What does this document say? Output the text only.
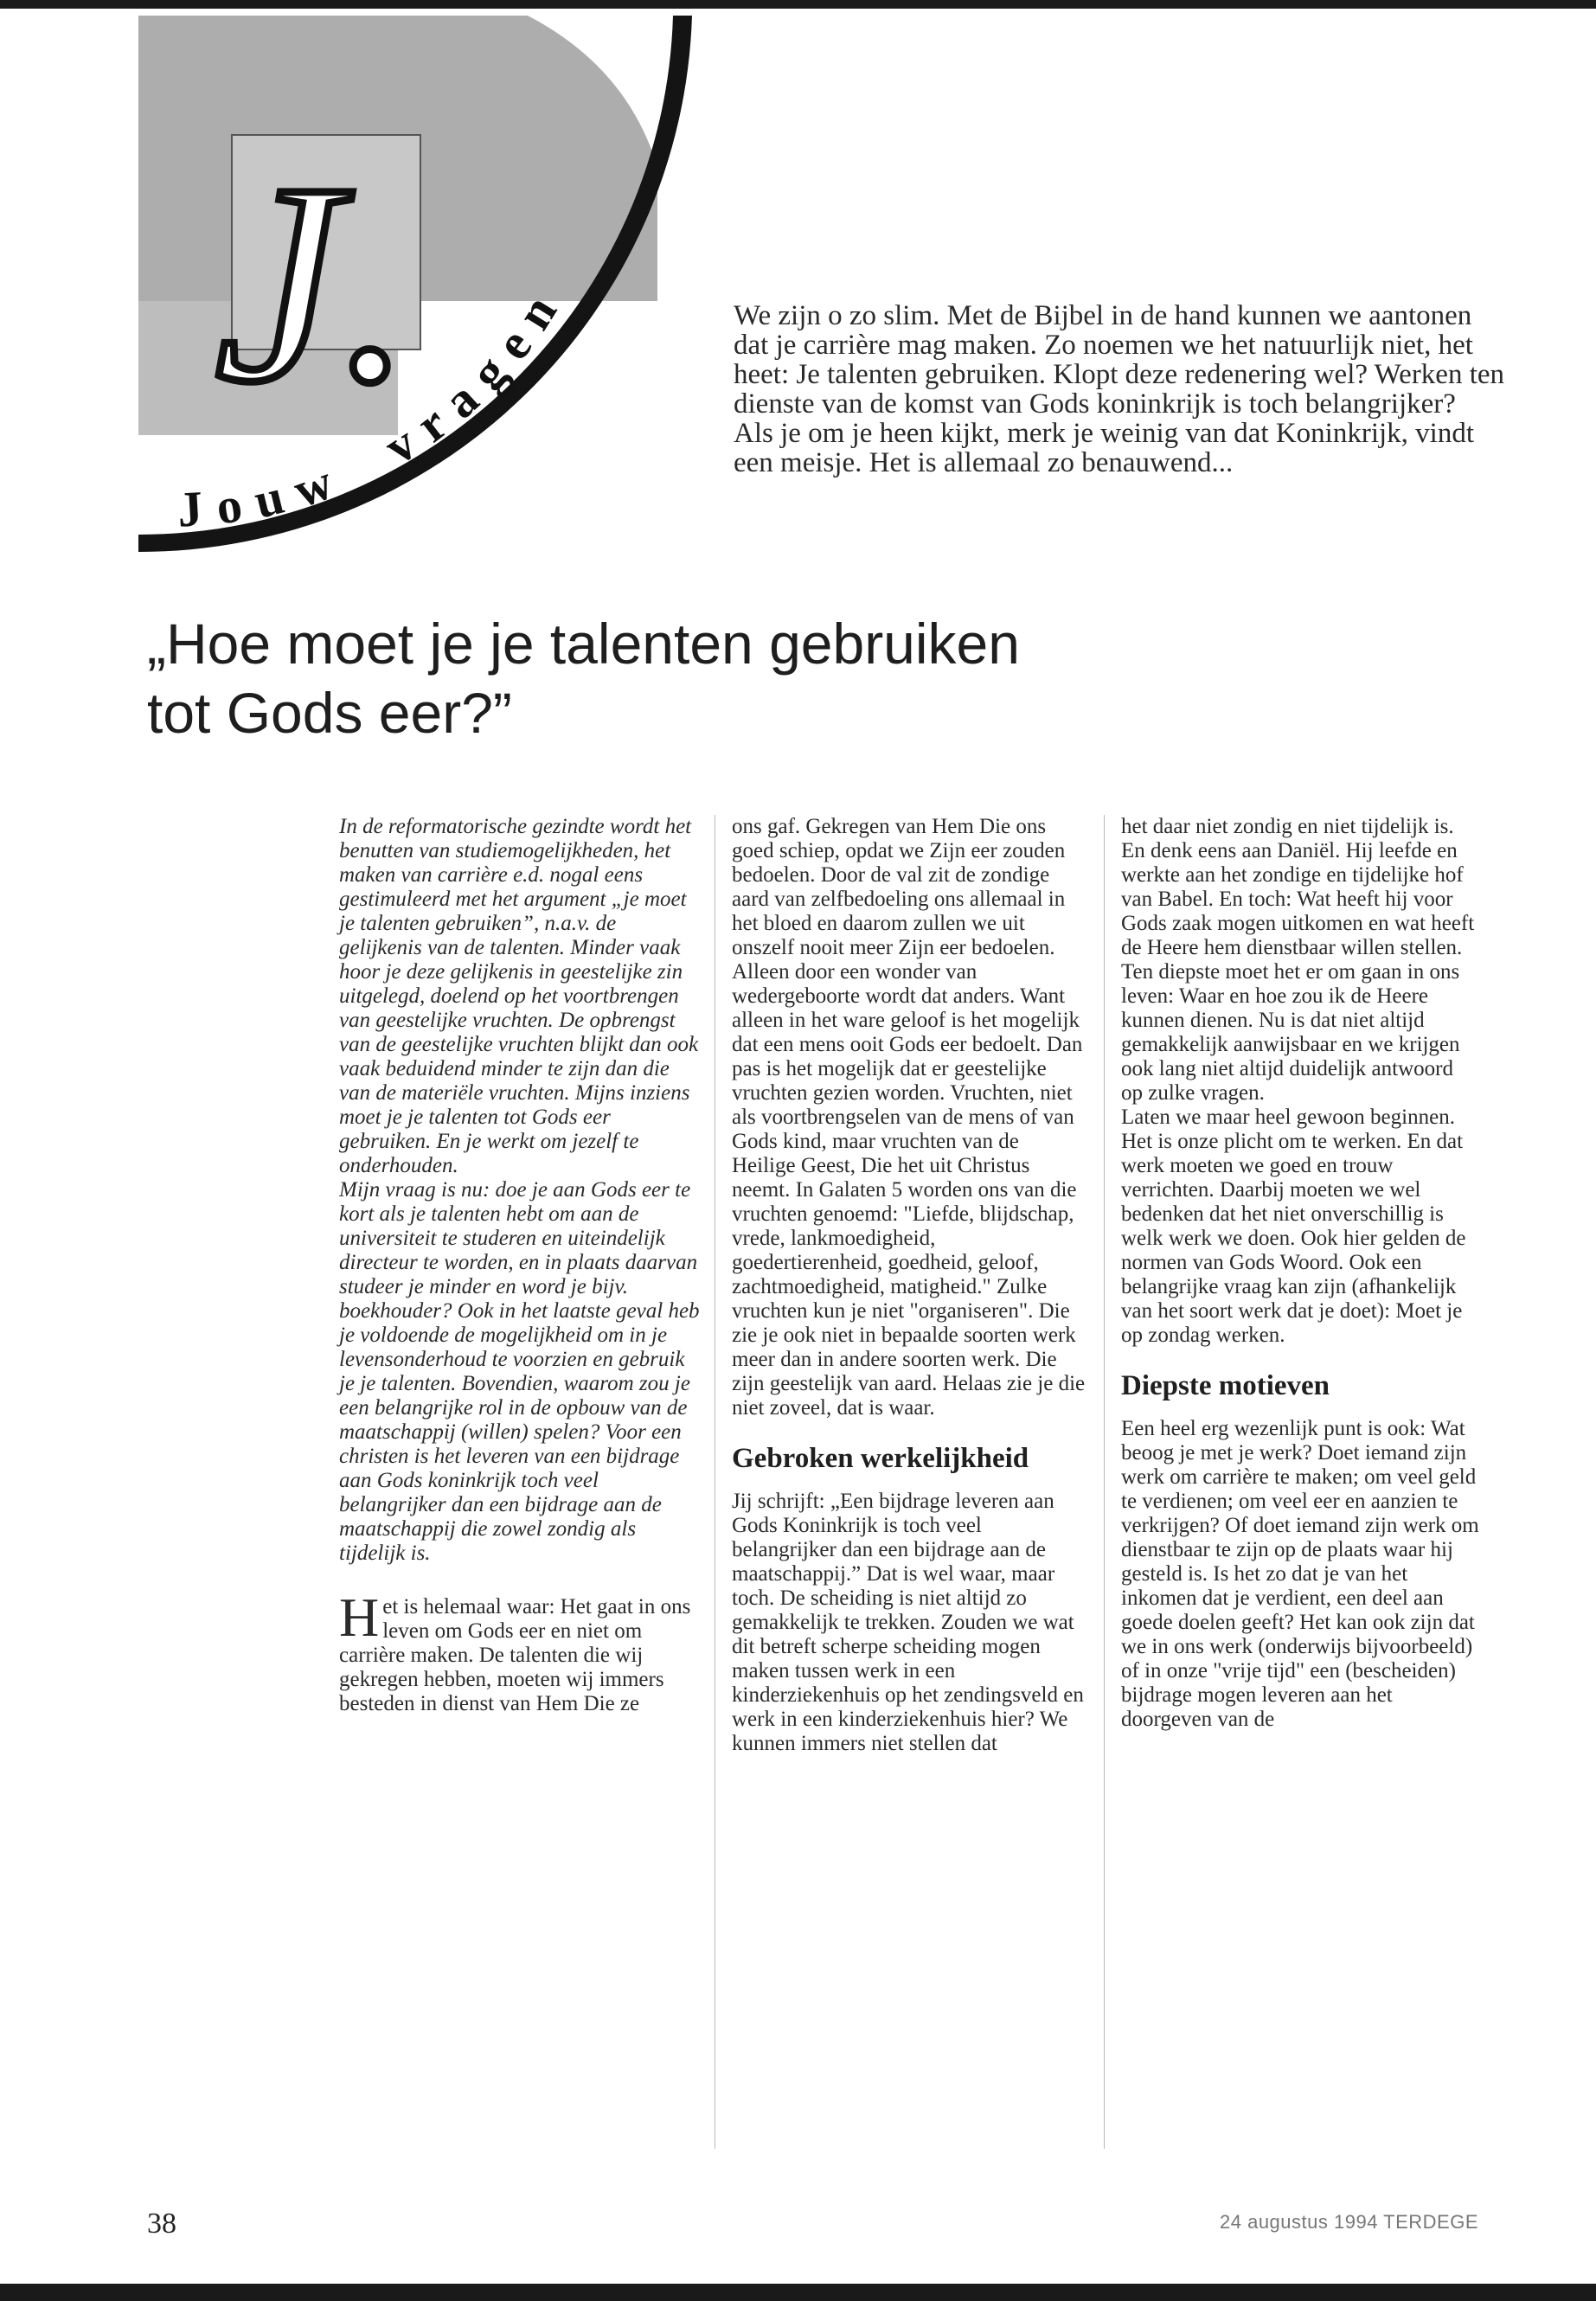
J.
Jouw vragen	We zijn o zo slim. Met de Bijbel in de hand kunnen we aantonen dat je carrière mag maken. Zo noemen we het natuurlijk niet, het heet: Je talenten gebruiken. Klopt deze redenering wel? Werken ten dienste van de komst van Gods koninkrijk is toch belangrijker?

Als je om je heen kijkt, merk je weinig van dat Koninkrijk, vindt een meisje. Het is allemaal zo benauwend...

„Hoe moet je je talenten gebruiken
tot Gods eer?”

In de reformatorische gezindte wordt het benutten van studiemogelijkheden, het maken van carrière e.d. nogal eens gestimuleerd met het argument „je moet je talenten gebruiken”, n.a.v. de gelijkenis van de talenten. Minder vaak hoor je deze gelijkenis in geestelijke zin uitgelegd, doelend op het voortbrengen van geestelijke vruchten. De opbrengst van de geestelijke vruchten blijkt dan ook vaak beduidend minder te zijn dan die van de materiële vruchten. Mijns inziens moet je je talenten tot Gods eer gebruiken. En je werkt om jezelf te onderhouden.

Mijn vraag is nu: doe je aan Gods eer te kort als je talenten hebt om aan de universiteit te studeren en uiteindelijk directeur te worden, en in plaats daarvan studeer je minder en word je bijv. boekhouder? Ook in het laatste geval heb je voldoende de mogelijkheid om in je levensonderhoud te voorzien en gebruik je je talenten. Bovendien, waarom zou je een belangrijke rol in de opbouw van de maatschappij (willen) spelen? Voor een christen is het leveren van een bijdrage aan Gods koninkrijk toch veel belangrijker dan een bijdrage aan de maatschappij die zowel zondig als tijdelijk is.

Het is helemaal waar: Het gaat in ons leven om Gods eer en niet om carrière maken. De talenten die wij gekregen hebben, moeten wij immers besteden in dienst van Hem Die ze

ons gaf. Gekregen van Hem Die ons goed schiep, opdat we Zijn eer zouden bedoelen. Door de val zit de zondige aard van zelfbedoeling ons allemaal in het bloed en daarom zullen we uit onszelf nooit meer Zijn eer bedoelen. Alleen door een wonder van wedergeboorte wordt dat anders. Want alleen in het ware geloof is het mogelijk dat een mens ooit Gods eer bedoelt. Dan pas is het mogelijk dat er geestelijke vruchten gezien worden. Vruchten, niet als voortbrengselen van de mens of van Gods kind, maar vruchten van de Heilige Geest, Die het uit Christus neemt. In Galaten 5 worden ons van die vruchten genoemd: "Liefde, blijdschap, vrede, lankmoedigheid, goedertierenheid, goedheid, geloof, zachtmoedigheid, matigheid." Zulke vruchten kun je niet "organiseren". Die zie je ook niet in bepaalde soorten werk meer dan in andere soorten werk. Die zijn geestelijk van aard. Helaas zie je die niet zoveel, dat is waar.

Gebroken werkelijkheid

Jij schrijft: „Een bijdrage leveren aan Gods Koninkrijk is toch veel belangrijker dan een bijdrage aan de maatschappij.” Dat is wel waar, maar toch. De scheiding is niet altijd zo gemakkelijk te trekken. Zouden we wat dit betreft scherpe scheiding mogen maken tussen werk in een kinderziekenhuis op het zendingsveld en werk in een kinderziekenhuis hier? We kunnen immers niet stellen dat

het daar niet zondig en niet tijdelijk is.

En denk eens aan Daniël. Hij leefde en werkte aan het zondige en tijdelijke hof van Babel. En toch: Wat heeft hij voor Gods zaak mogen uitkomen en wat heeft de Heere hem dienstbaar willen stellen. Ten diepste moet het er om gaan in ons leven: Waar en hoe zou ik de Heere kunnen dienen. Nu is dat niet altijd gemakkelijk aanwijsbaar en we krijgen ook lang niet altijd duidelijk antwoord op zulke vragen.

Laten we maar heel gewoon beginnen. Het is onze plicht om te werken. En dat werk moeten we goed en trouw verrichten. Daarbij moeten we wel bedenken dat het niet onverschillig is welk werk we doen. Ook hier gelden de normen van Gods Woord. Ook een belangrijke vraag kan zijn (afhankelijk van het soort werk dat je doet): Moet je op zondag werken.

Diepste motieven

Een heel erg wezenlijk punt is ook: Wat beoog je met je werk? Doet iemand zijn werk om carrière te maken; om veel geld te verdienen; om veel eer en aanzien te verkrijgen? Of doet iemand zijn werk om dienstbaar te zijn op de plaats waar hij gesteld is. Is het zo dat je van het inkomen dat je verdient, een deel aan goede doelen geeft? Het kan ook zijn dat we in ons werk (onderwijs bijvoorbeeld) of in onze "vrije tijd" een (bescheiden) bijdrage mogen leveren aan het doorgeven van de

38	24 augustus 1994 TERDEGE
